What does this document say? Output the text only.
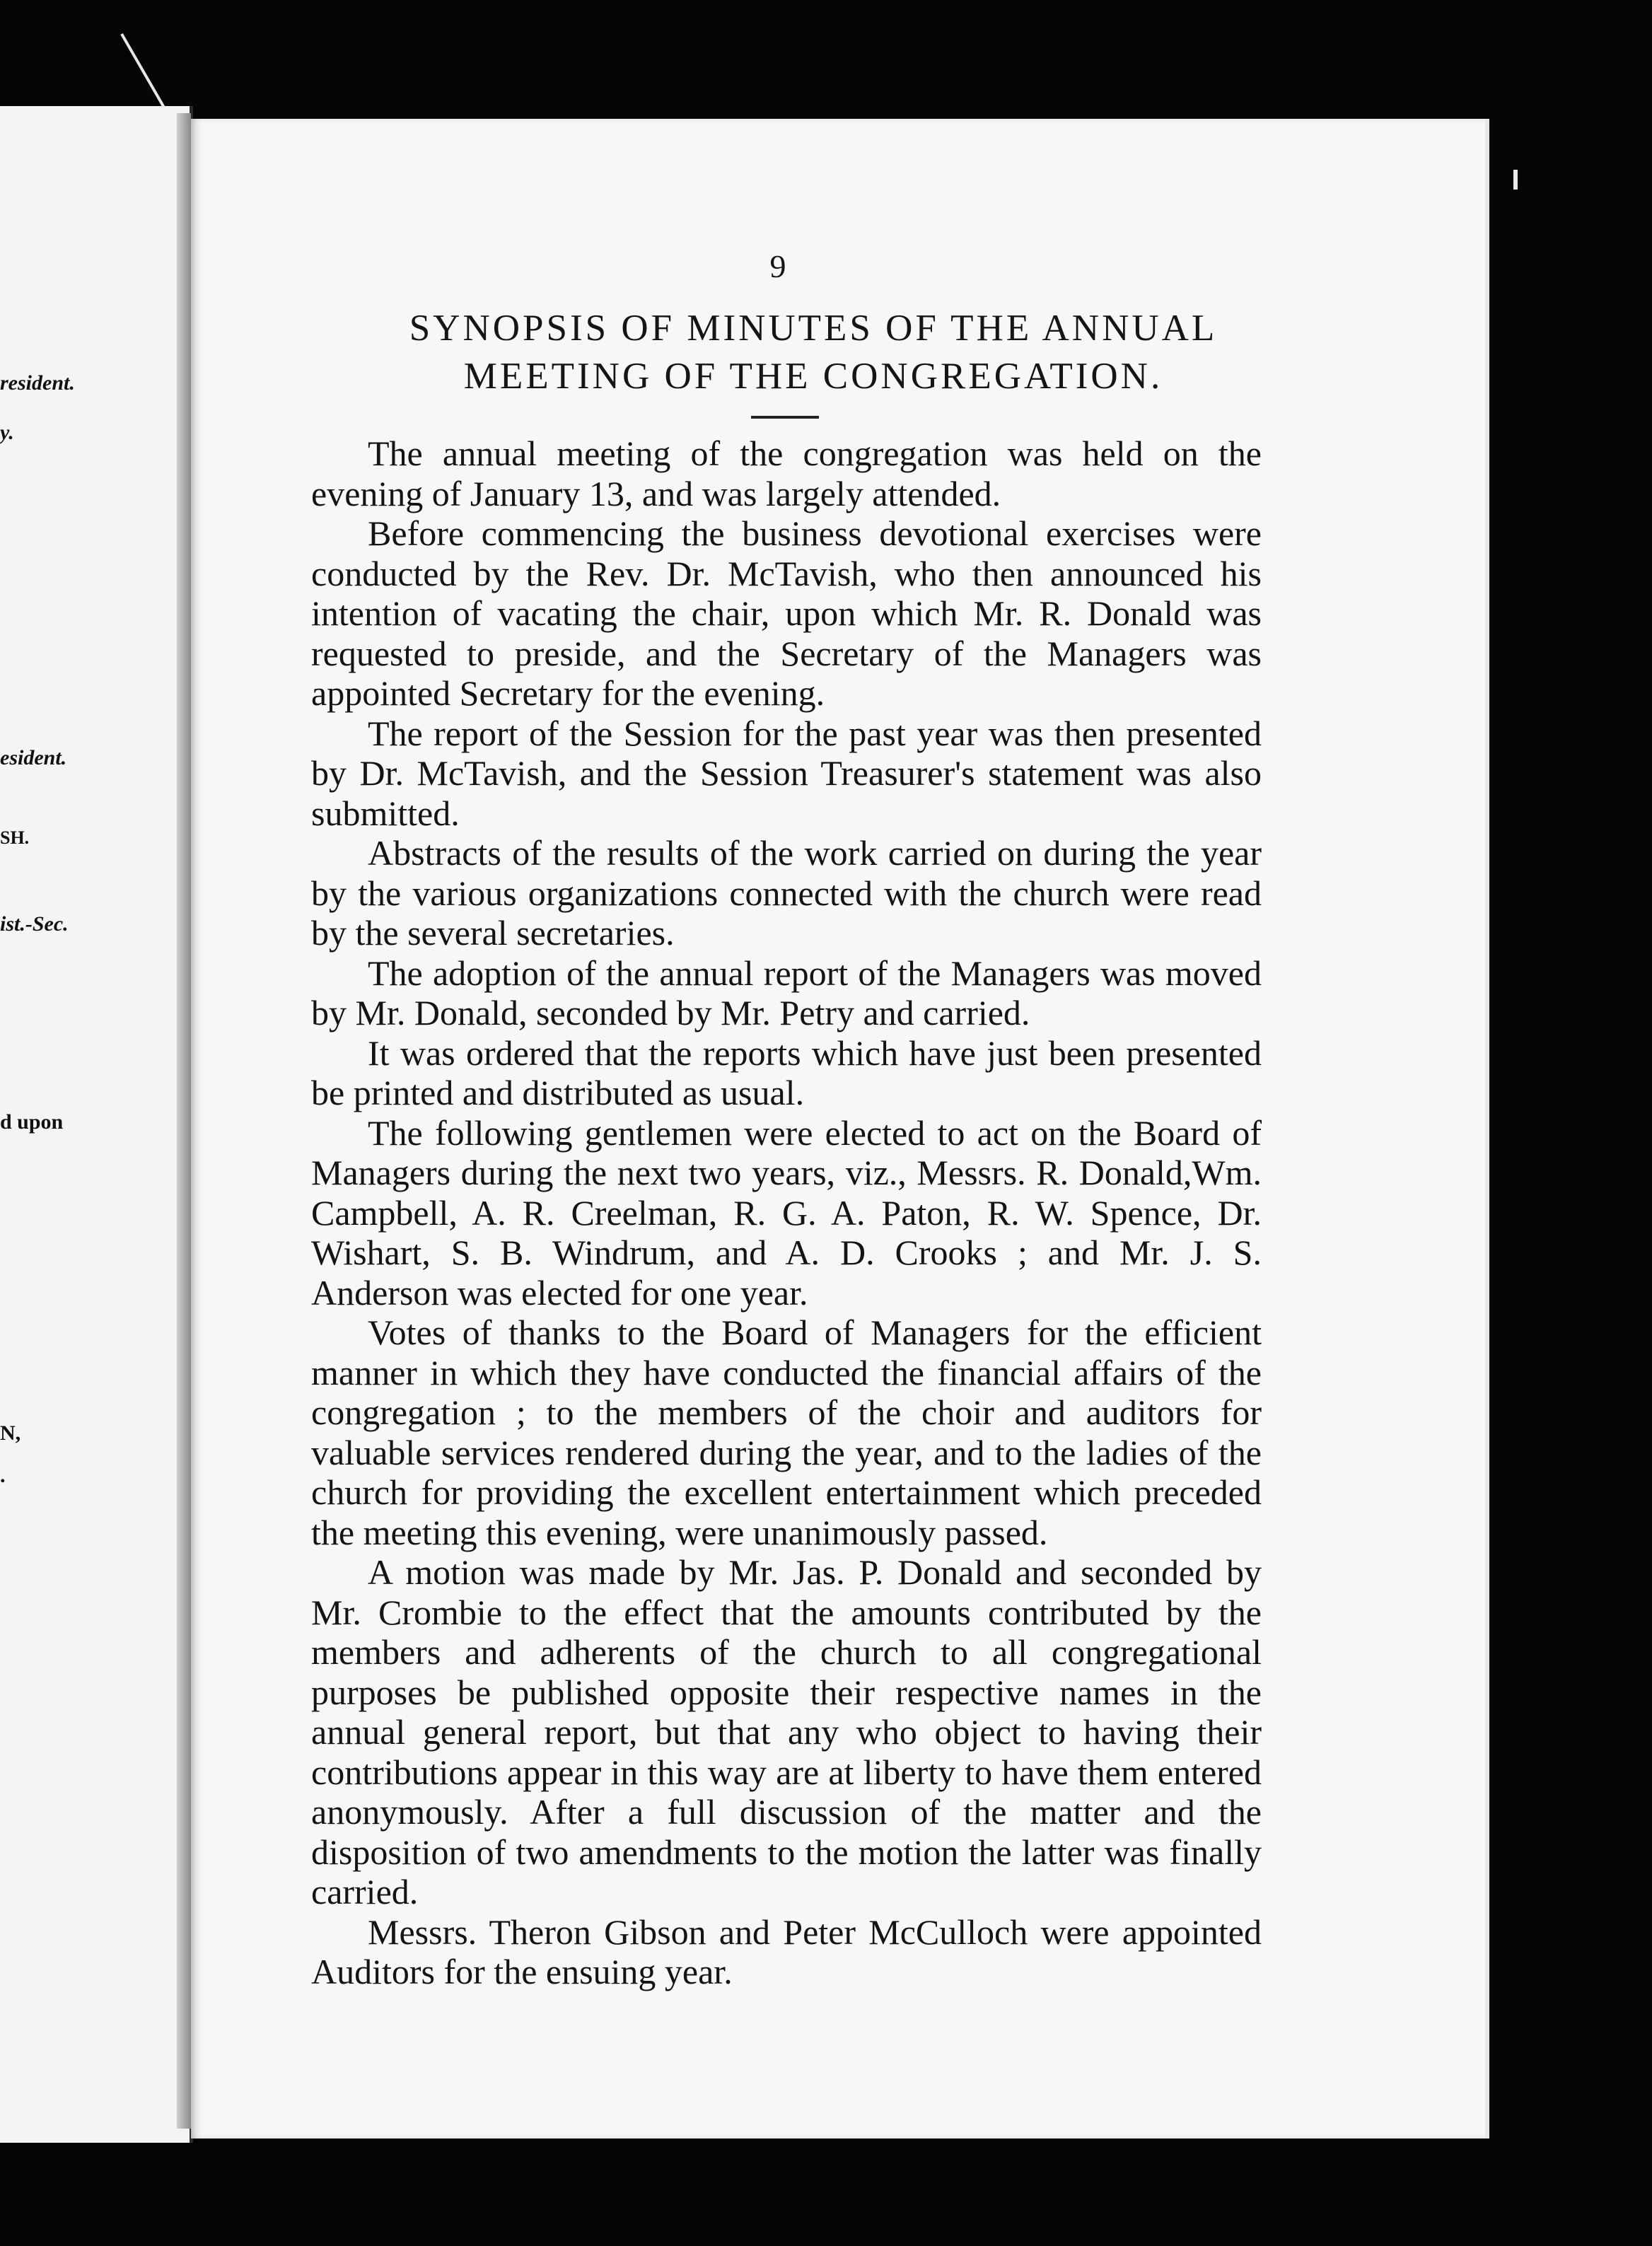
resident.
y.
esident.
SH.
ist.-Sec.
d upon
N,
.
9
SYNOPSIS OF MINUTES OF THE ANNUAL
MEETING OF THE CONGREGATION.

The annual meeting of the congregation was held on the evening of January 13, and was largely attended.

Before commencing the business devotional exercises were conducted by the Rev. Dr. McTavish, who then announced his intention of vacating the chair, upon which Mr. R. Donald was requested to preside, and the Secretary of the Managers was appointed Secretary for the evening.

The report of the Session for the past year was then presented by Dr. McTavish, and the Session Treasurer's statement was also submitted.

Abstracts of the results of the work carried on during the year by the various organizations connected with the church were read by the several secretaries.

The adoption of the annual report of the Managers was moved by Mr. Donald, seconded by Mr. Petry and carried.

It was ordered that the reports which have just been presented be printed and distributed as usual.

The following gentlemen were elected to act on the Board of Managers during the next two years, viz., Messrs. R. Donald,Wm. Campbell, A. R. Creelman, R. G. A. Paton, R. W. Spence, Dr. Wishart, S. B. Windrum, and A. D. Crooks ; and Mr. J. S. Anderson was elected for one year.

Votes of thanks to the Board of Managers for the efficient manner in which they have conducted the financial affairs of the congregation ; to the members of the choir and auditors for valuable services rendered during the year, and to the ladies of the church for providing the excellent entertainment which preceded the meeting this evening, were unanimously passed.

A motion was made by Mr. Jas. P. Donald and seconded by Mr. Crombie to the effect that the amounts contributed by the members and adherents of the church to all congregational purposes be published opposite their respective names in the annual general report, but that any who object to having their contributions appear in this way are at liberty to have them entered anonymously. After a full discussion of the matter and the disposition of two amendments to the motion the latter was finally carried.

Messrs. Theron Gibson and Peter McCulloch were appointed Auditors for the ensuing year.
